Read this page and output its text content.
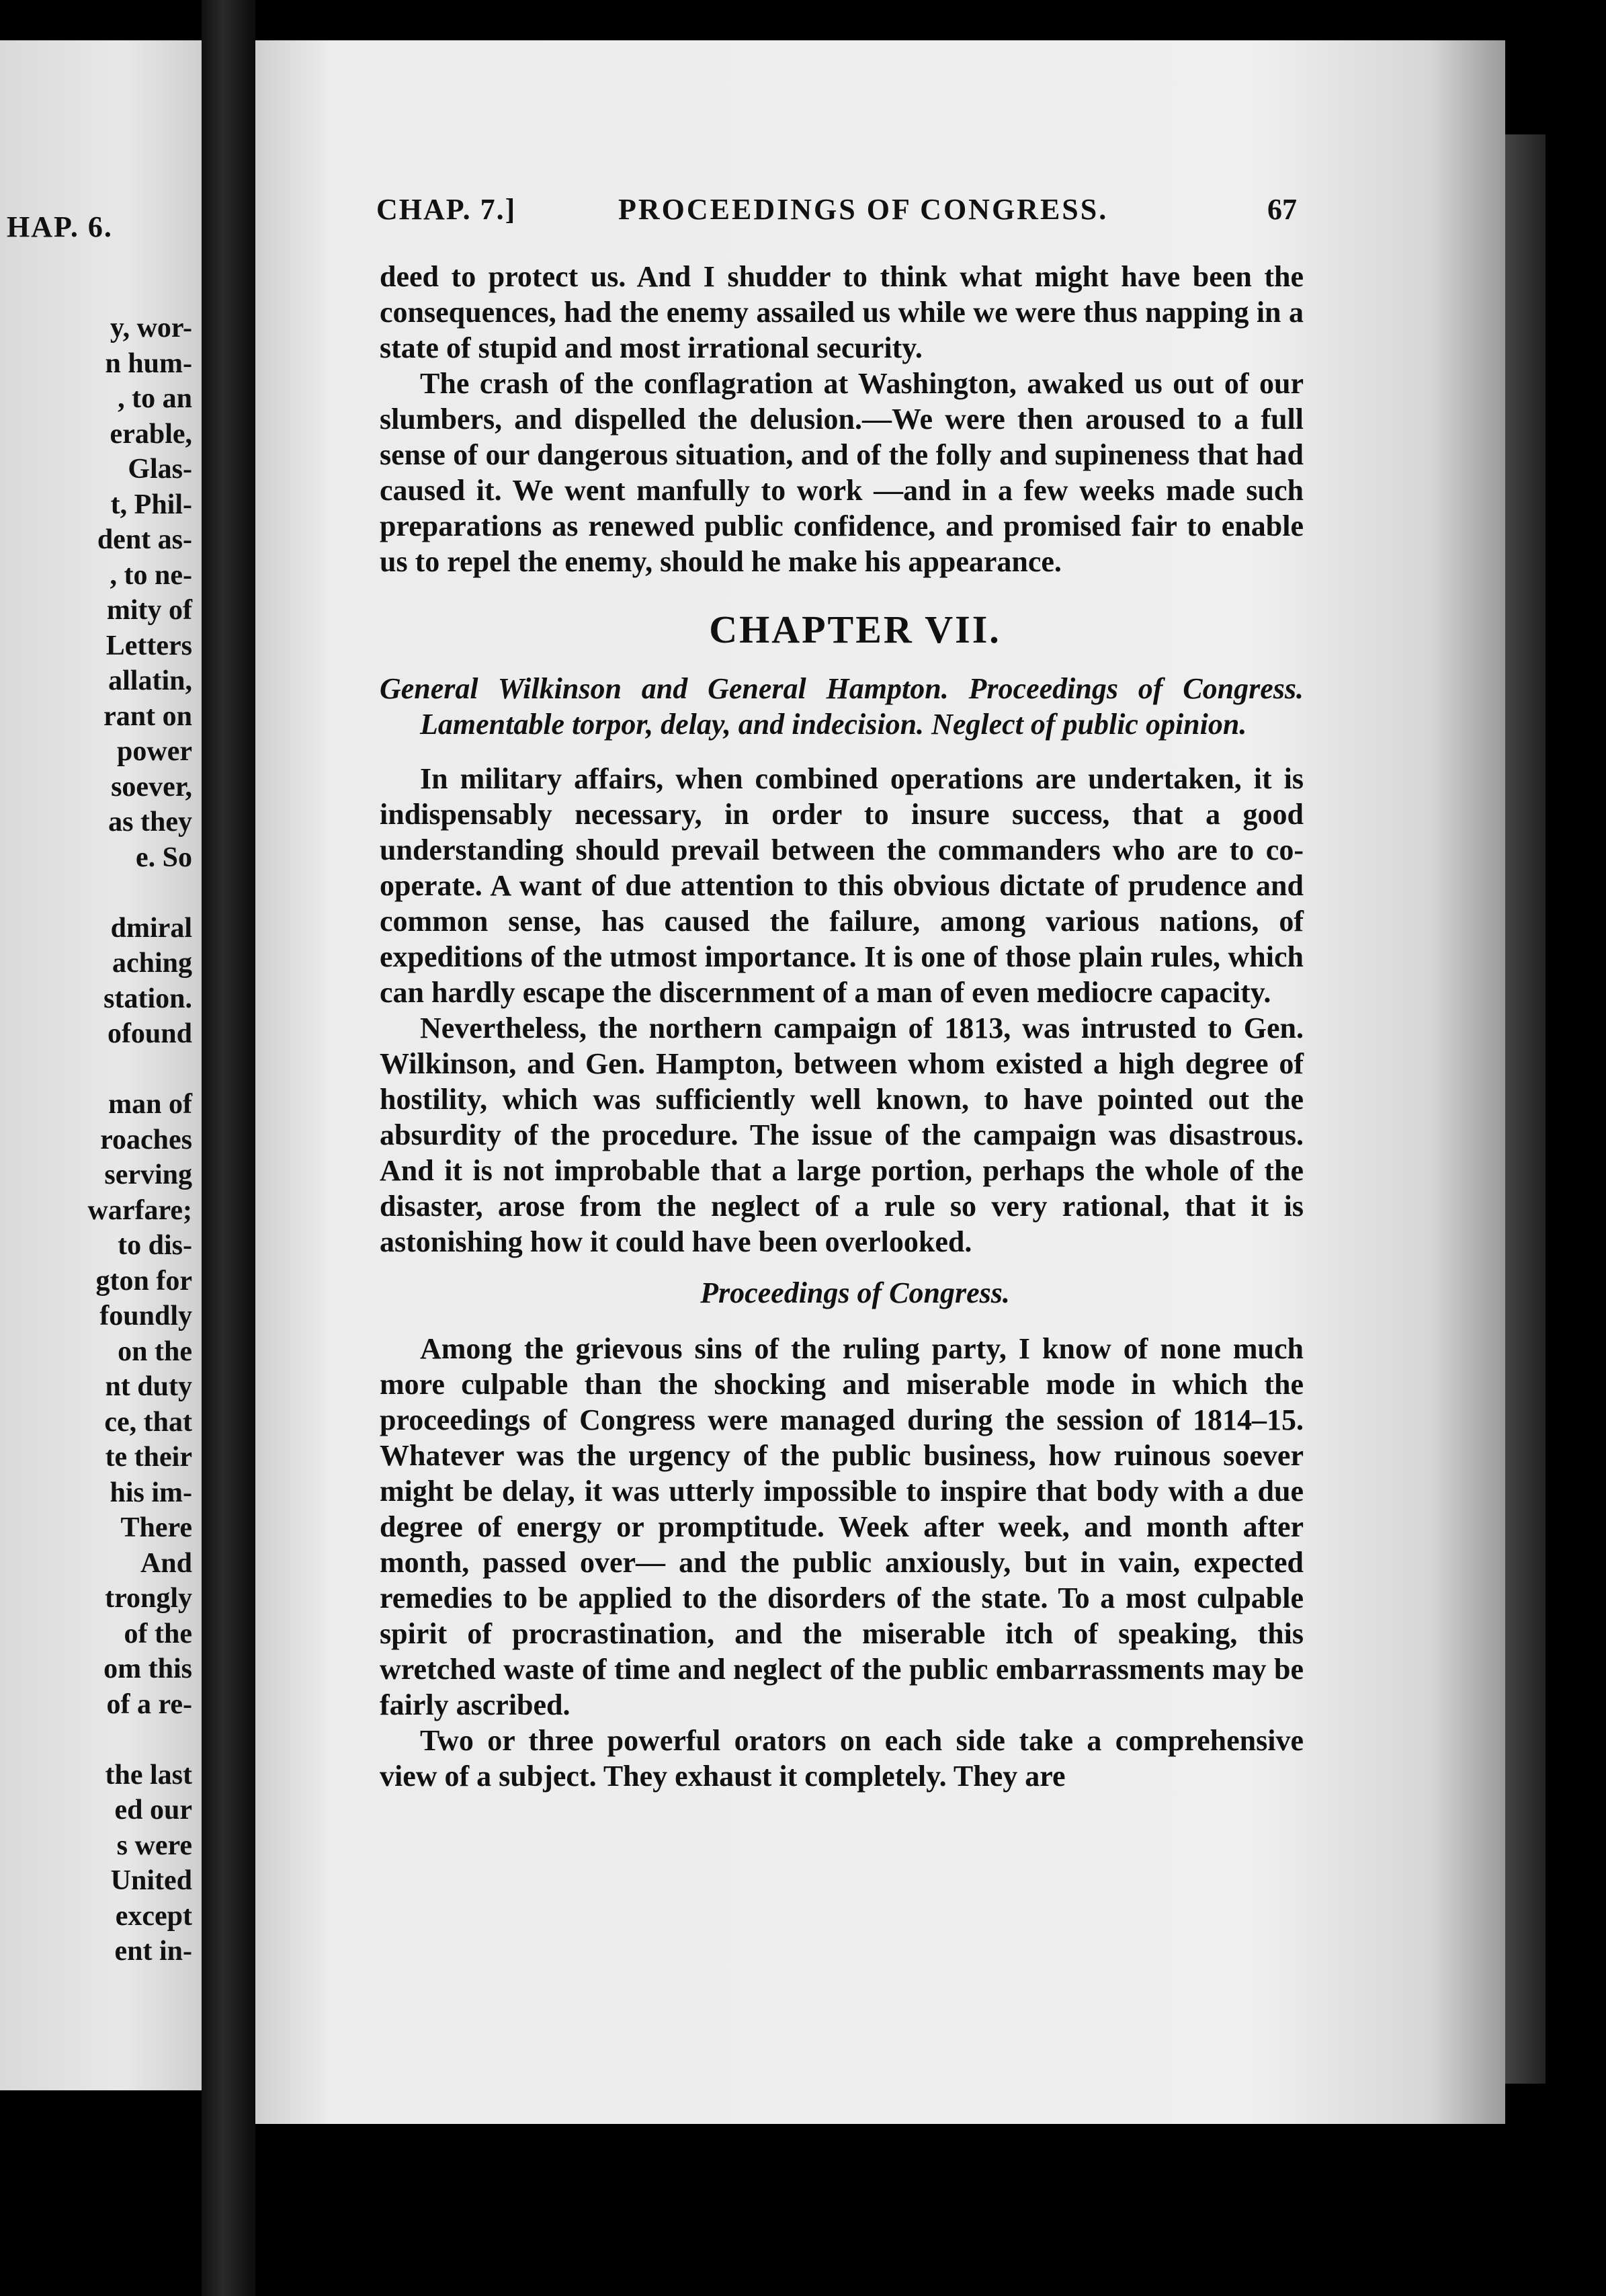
HAP. 6.
y, wor-
n hum-
, to an
erable,
Glas-
t, Phil-
dent as-
, to ne-
mity of
Letters
allatin,
rant on
power
soever,
as they
e. So
dmiral
aching
station.
ofound
man of
roaches
serving
warfare;
to dis-
gton for
foundly
on the
nt duty
ce, that
te their
his im-
There
And
trongly
of the
om this
of a re-
the last
ed our
s were
United
except
ent in-
CHAP. 7.]	PROCEEDINGS OF CONGRESS.	67

deed to protect us. And I shudder to think what might have been the consequences, had the enemy assailed us while we were thus napping in a state of stupid and most irrational security.

The crash of the conflagration at Washington, awaked us out of our slumbers, and dispelled the delusion.—We were then aroused to a full sense of our dangerous situation, and of the folly and supineness that had caused it. We went manfully to work —and in a few weeks made such preparations as renewed public confidence, and promised fair to enable us to repel the enemy, should he make his appearance.

CHAPTER VII.

General Wilkinson and General Hampton. Proceedings of Congress. Lamentable torpor, delay, and indecision. Neglect of public opinion.

In military affairs, when combined operations are undertaken, it is indispensably necessary, in order to insure success, that a good understanding should prevail between the commanders who are to co-operate. A want of due attention to this obvious dictate of prudence and common sense, has caused the failure, among various nations, of expeditions of the utmost importance. It is one of those plain rules, which can hardly escape the discernment of a man of even mediocre capacity.

Nevertheless, the northern campaign of 1813, was intrusted to Gen. Wilkinson, and Gen. Hampton, between whom existed a high degree of hostility, which was sufficiently well known, to have pointed out the absurdity of the procedure. The issue of the campaign was disastrous. And it is not improbable that a large portion, perhaps the whole of the disaster, arose from the neglect of a rule so very rational, that it is astonishing how it could have been overlooked.

Proceedings of Congress.

Among the grievous sins of the ruling party, I know of none much more culpable than the shocking and miserable mode in which the proceedings of Congress were managed during the session of 1814–15. Whatever was the urgency of the public business, how ruinous soever might be delay, it was utterly impossible to inspire that body with a due degree of energy or promptitude. Week after week, and month after month, passed over— and the public anxiously, but in vain, expected remedies to be applied to the disorders of the state. To a most culpable spirit of procrastination, and the miserable itch of speaking, this wretched waste of time and neglect of the public embarrassments may be fairly ascribed.

Two or three powerful orators on each side take a comprehensive view of a subject. They exhaust it completely. They are
